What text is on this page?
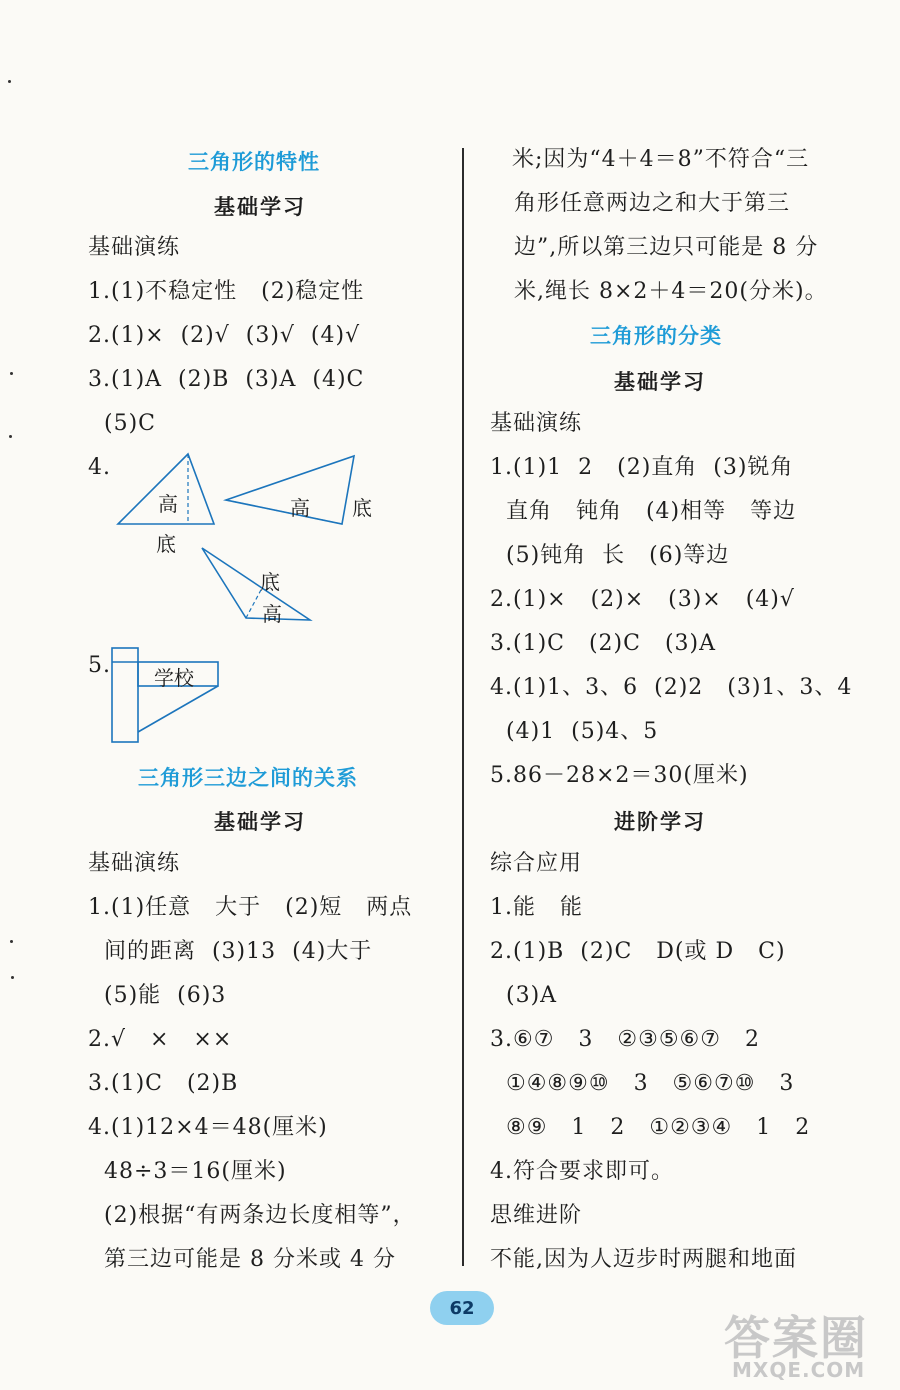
三角形的特性
基础学习
基础演练
1.(1)不稳定性   (2)稳定性
2.(1)×  (2)√  (3)√  (4)√
3.(1)A  (2)B  (3)A  (4)C
(5)C
4.
高
底
高 底
底
高
5. 学校
三角形三边之间的关系
基础学习
基础演练
1.(1)任意   大于   (2)短   两点
间的距离  (3)13  (4)大于
(5)能  (6)3
2.√   ×   ××
3.(1)C   (2)B
4.(1)12×4＝48(厘米)
48÷3＝16(厘米)
(2)根据“有两条边长度相等”，
第三边可能是 8 分米或 4 分
米;因为“4＋4＝8”不符合“三
角形任意两边之和大于第三
边”,所以第三边只可能是 8 分
米,绳长 8×2＋4＝20(分米)。
三角形的分类
基础学习
基础演练
1.(1)1  2   (2)直角  (3)锐角
直角   钝角   (4)相等   等边
(5)钝角  长   (6)等边
2.(1)×   (2)×   (3)×   (4)√
3.(1)C   (2)C   (3)A
4.(1)1、3、6  (2)2   (3)1、3、4
(4)1  (5)4、5
5.86－28×2＝30(厘米)
进阶学习
综合应用
1.能   能
2.(1)B  (2)C   D(或 D   C)
(3)A
3.⑥⑦   3   ②③⑤⑥⑦   2
①④⑧⑨⑩   3   ⑤⑥⑦⑩   3
⑧⑨   1   2   ①②③④   1   2
4.符合要求即可。
思维进阶
不能,因为人迈步时两腿和地面
62
答案圈
MXQE.COM
